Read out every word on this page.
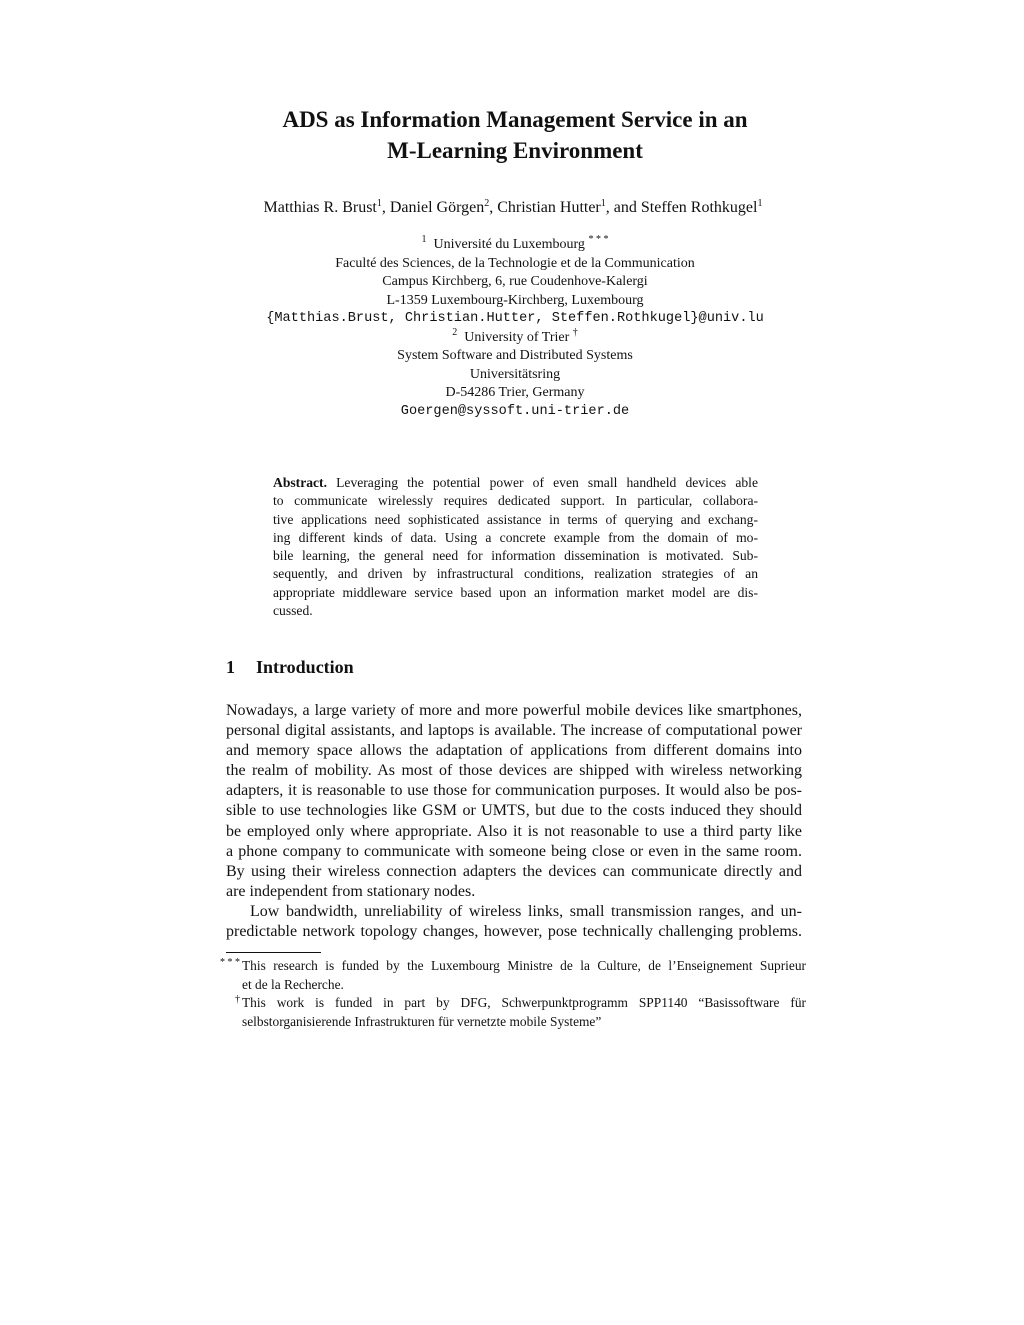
ADS as Information Management Service in an
M-Learning Environment
Matthias R. Brust$^1$, Daniel Görgen$^2$, Christian Hutter$^1$, and Steffen Rothkugel$^1$
$^1$ Université du Luxembourg * * *
Faculté des Sciences, de la Technologie et de la Communication
Campus Kirchberg, 6, rue Coudenhove-Kalergi
L-1359 Luxembourg-Kirchberg, Luxembourg
{Matthias.Brust, Christian.Hutter, Steffen.Rothkugel}@univ.lu
$^2$ University of Trier †
System Software and Distributed Systems
Universitätsring
D-54286 Trier, Germany
Goergen@syssoft.uni-trier.de
Abstract. Leveraging the potential power of even small handheld devices able
to communicate wirelessly requires dedicated support. In particular, collabora-
tive applications need sophisticated assistance in terms of querying and exchang-
ing different kinds of data. Using a concrete example from the domain of mo-
bile learning, the general need for information dissemination is motivated. Sub-
sequently, and driven by infrastructural conditions, realization strategies of an
appropriate middleware service based upon an information market model are dis-
cussed.
1 Introduction
Nowadays, a large variety of more and more powerful mobile devices like smartphones,
personal digital assistants, and laptops is available. The increase of computational power
and memory space allows the adaptation of applications from different domains into
the realm of mobility. As most of those devices are shipped with wireless networking
adapters, it is reasonable to use those for communication purposes. It would also be pos-
sible to use technologies like GSM or UMTS, but due to the costs induced they should
be employed only where appropriate. Also it is not reasonable to use a third party like
a phone company to communicate with someone being close or even in the same room.
By using their wireless connection adapters the devices can communicate directly and
are independent from stationary nodes.
Low bandwidth, unreliability of wireless links, small transmission ranges, and un-
predictable network topology changes, however, pose technically challenging problems.
* * * This research is funded by the Luxembourg Ministre de la Culture, de l’Enseignement Suprieur
et de la Recherche.
† This work is funded in part by DFG, Schwerpunktprogramm SPP1140 “Basissoftware für
selbstorganisierende Infrastrukturen für vernetzte mobile Systeme”
